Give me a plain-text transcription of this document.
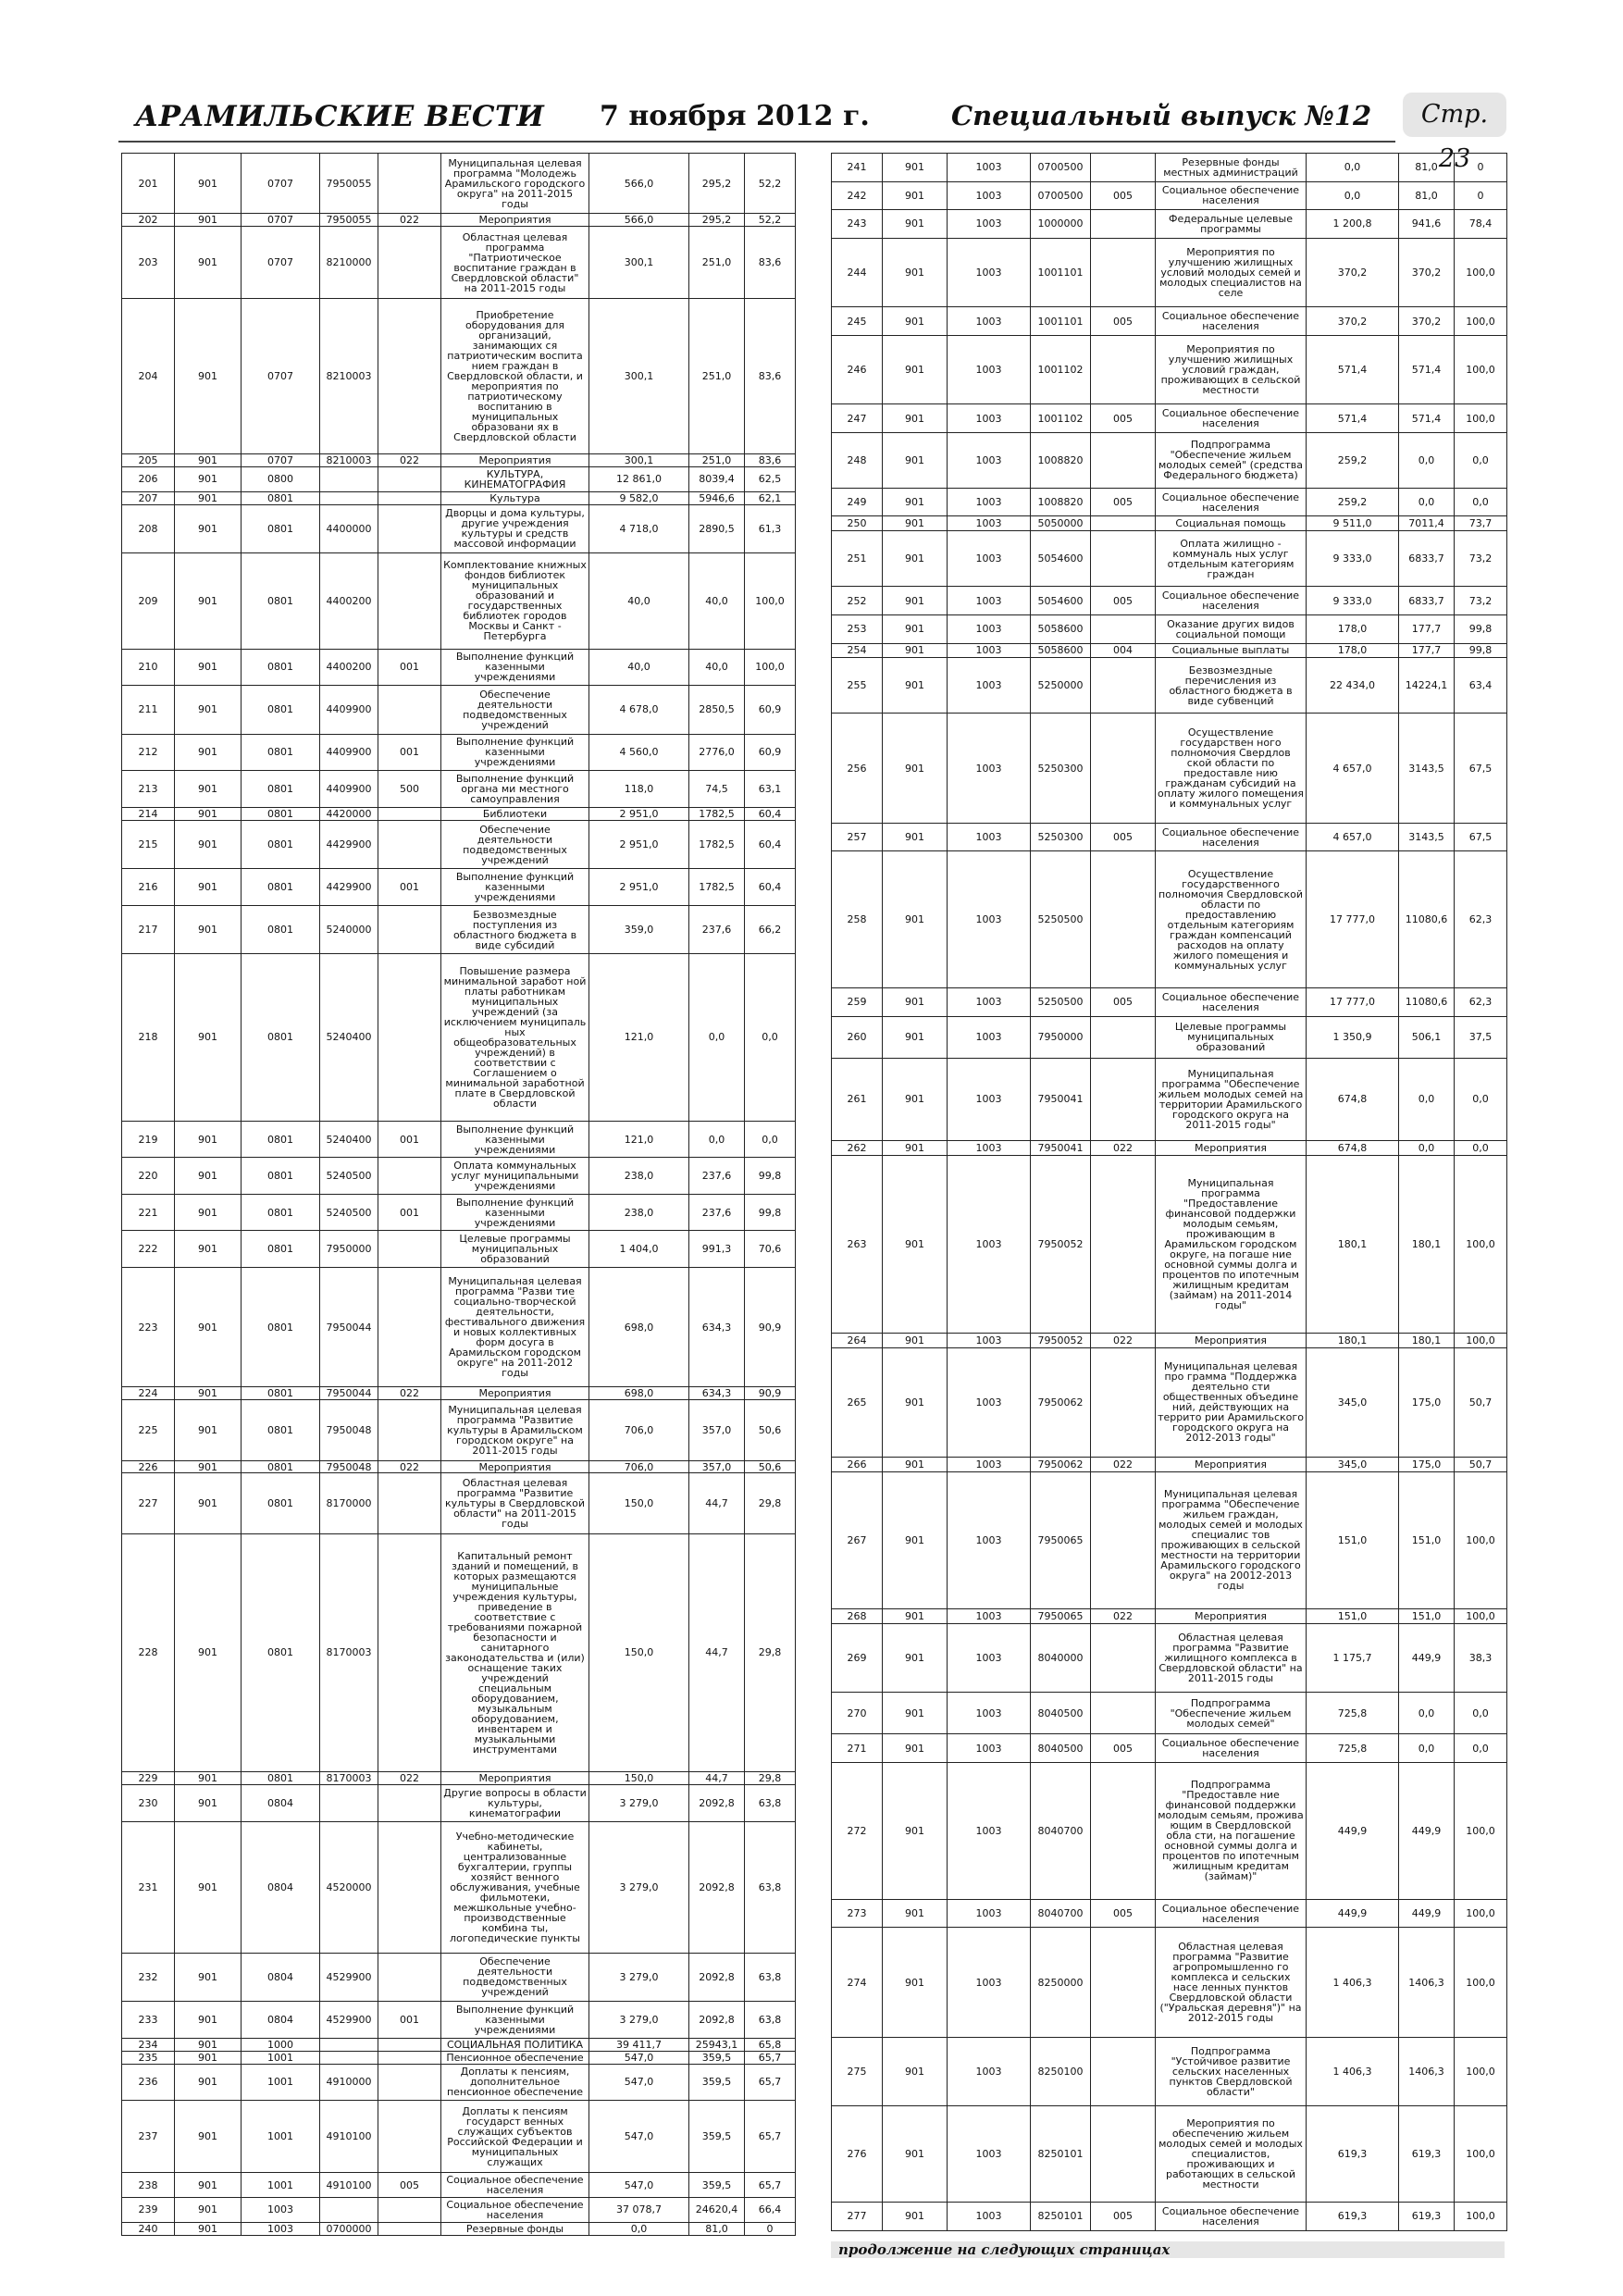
АРАМИЛЬСКИЕ ВЕСТИ 7 ноября 2012 г.	Специальный выпуск №12	Стр. 23
201	901	0707	7950055		Муниципальная целевая программа "Молодежь Арамильского городского округа" на 2011-2015 годы	566,0	295,2	52,2
202	901	0707	7950055	022	Мероприятия	566,0	295,2	52,2
203	901	0707	8210000		Областная целевая программа "Патриотическое воспитание граждан в Свердловской области" на 2011-2015 годы	300,1	251,0	83,6
204	901	0707	8210003		Приобретение оборудования для организаций, занимающих ся патриотическим воспита нием граждан в Свердловской области, и мероприятия по патриотическому воспитанию в муниципальных образовани ях в Свердловской области	300,1	251,0	83,6
205	901	0707	8210003	022	Мероприятия	300,1	251,0	83,6
206	901	0800			КУЛЬТУРА, КИНЕМАТОГРАФИЯ	12 861,0	8039,4	62,5
207	901	0801			Культура	9 582,0	5946,6	62,1
208	901	0801	4400000		Дворцы и дома культуры, другие учреждения культуры и средств массовой информации	4 718,0	2890,5	61,3
209	901	0801	4400200		Комплектование книжных фондов библиотек муниципальных образований и государственных библиотек городов Москвы и Санкт - Петербурга	40,0	40,0	100,0
210	901	0801	4400200	001	Выполнение функций казенными учреждениями	40,0	40,0	100,0
211	901	0801	4409900		Обеспечение деятельности подведомственных учреждений	4 678,0	2850,5	60,9
212	901	0801	4409900	001	Выполнение функций казенными учреждениями	4 560,0	2776,0	60,9
213	901	0801	4409900	500	Выполнение функций органа ми местного самоуправления	118,0	74,5	63,1
214	901	0801	4420000		Библиотеки	2 951,0	1782,5	60,4
215	901	0801	4429900		Обеспечение деятельности подведомственных учреждений	2 951,0	1782,5	60,4
216	901	0801	4429900	001	Выполнение функций казенными учреждениями	2 951,0	1782,5	60,4
217	901	0801	5240000		Безвозмездные поступления из областного бюджета в виде субсидий	359,0	237,6	66,2
218	901	0801	5240400		Повышение размера минимальной заработ ной платы работникам муниципальных учреждений (за исключением муниципаль ных общеобразовательных учреждений) в соответствии с Соглашением о минимальной заработной плате в Свердловской области	121,0	0,0	0,0
219	901	0801	5240400	001	Выполнение функций казенными учреждениями	121,0	0,0	0,0
220	901	0801	5240500		Оплата коммунальных услуг муниципальными учреждениями	238,0	237,6	99,8
221	901	0801	5240500	001	Выполнение функций казенными учреждениями	238,0	237,6	99,8
222	901	0801	7950000		Целевые программы муниципальных образований	1 404,0	991,3	70,6
223	901	0801	7950044		Муниципальная целевая программа "Разви тие социально-творческой деятельности, фестивального движения и новых коллективных форм досуга в Арамильском городском округе" на 2011-2012 годы	698,0	634,3	90,9
224	901	0801	7950044	022	Мероприятия	698,0	634,3	90,9
225	901	0801	7950048		Муниципальная целевая программа "Развитие культуры в Арамильском городском округе" на 2011-2015 годы	706,0	357,0	50,6
226	901	0801	7950048	022	Мероприятия	706,0	357,0	50,6
227	901	0801	8170000		Областная целевая программа "Развитие культуры в Свердловской области" на 2011-2015 годы	150,0	44,7	29,8
228	901	0801	8170003		Капитальный ремонт зданий и помещений, в которых размещаются муниципальные учреждения культуры, приведение в соответствие с требованиями пожарной безопасности и санитарного законодательства и (или) оснащение таких учреждений специальным оборудованием, музыкальным оборудованием, инвентарем и музыкальными инструментами	150,0	44,7	29,8
229	901	0801	8170003	022	Мероприятия	150,0	44,7	29,8
230	901	0804			Другие вопросы в области культуры, кинематографии	3 279,0	2092,8	63,8
231	901	0804	4520000		Учебно-методические кабинеты, централизованные бухгалтерии, группы хозяйст венного обслуживания, учебные фильмотеки, межшкольные учебно-производственные комбина ты, логопедические пункты	3 279,0	2092,8	63,8
232	901	0804	4529900		Обеспечение деятельности подведомственных учреждений	3 279,0	2092,8	63,8
233	901	0804	4529900	001	Выполнение функций казенными учреждениями	3 279,0	2092,8	63,8
234	901	1000			СОЦИАЛЬНАЯ ПОЛИТИКА	39 411,7	25943,1	65,8
235	901	1001			Пенсионное обеспечение	547,0	359,5	65,7
236	901	1001	4910000		Доплаты к пенсиям, дополнительное пенсионное обеспечение	547,0	359,5	65,7
237	901	1001	4910100		Доплаты к пенсиям государст венных служащих субъектов Российской Федерации и муниципальных служащих	547,0	359,5	65,7
238	901	1001	4910100	005	Социальное обеспечение населения	547,0	359,5	65,7
239	901	1003			Социальное обеспечение населения	37 078,7	24620,4	66,4
240	901	1003	0700000		Резервные фонды	0,0	81,0	0
241	901	1003	0700500		Резервные фонды местных администраций	0,0	81,0	0
242	901	1003	0700500	005	Социальное обеспечение населения	0,0	81,0	0
243	901	1003	1000000		Федеральные целевые программы	1 200,8	941,6	78,4
244	901	1003	1001101		Мероприятия по улучшению жилищных условий молодых семей и молодых специалистов на селе	370,2	370,2	100,0
245	901	1003	1001101	005	Социальное обеспечение населения	370,2	370,2	100,0
246	901	1003	1001102		Мероприятия по улучшению жилищных условий граждан, проживающих в сельской местности	571,4	571,4	100,0
247	901	1003	1001102	005	Социальное обеспечение населения	571,4	571,4	100,0
248	901	1003	1008820		Подпрограмма "Обеспечение жильем молодых семей" (средства Федерального бюджета)	259,2	0,0	0,0
249	901	1003	1008820	005	Социальное обеспечение населения	259,2	0,0	0,0
250	901	1003	5050000		Социальная помощь	9 511,0	7011,4	73,7
251	901	1003	5054600		Оплата жилищно - коммуналь ных услуг отдельным категориям граждан	9 333,0	6833,7	73,2
252	901	1003	5054600	005	Социальное обеспечение населения	9 333,0	6833,7	73,2
253	901	1003	5058600		Оказание других видов социальной помощи	178,0	177,7	99,8
254	901	1003	5058600	004	Социальные выплаты	178,0	177,7	99,8
255	901	1003	5250000		Безвозмездные перечисления из областного бюджета в виде субвенций	22 434,0	14224,1	63,4
256	901	1003	5250300		Осуществление государствен ного полномочия Свердлов ской области по предоставле нию гражданам субсидий на оплату жилого помещения и коммунальных услуг	4 657,0	3143,5	67,5
257	901	1003	5250300	005	Социальное обеспечение населения	4 657,0	3143,5	67,5
258	901	1003	5250500		Осуществление государственного полномочия Свердловской области по предоставлению отдельным категориям граждан компенсаций расходов на оплату жилого помещения и коммунальных услуг	17 777,0	11080,6	62,3
259	901	1003	5250500	005	Социальное обеспечение населения	17 777,0	11080,6	62,3
260	901	1003	7950000		Целевые программы муниципальных образований	1 350,9	506,1	37,5
261	901	1003	7950041		Муниципальная программа "Обеспечение жильем молодых семей на территории Арамильского городского округа на 2011-2015 годы"	674,8	0,0	0,0
262	901	1003	7950041	022	Мероприятия	674,8	0,0	0,0
263	901	1003	7950052		Муниципальная программа "Предоставление финансовой поддержки молодым семьям, проживающим в Арамильском городском округе, на погаше ние основной суммы долга и процентов по ипотечным жилищным кредитам (займам) на 2011-2014 годы"	180,1	180,1	100,0
264	901	1003	7950052	022	Мероприятия	180,1	180,1	100,0
265	901	1003	7950062		Муниципальная целевая про грамма "Поддержка деятельно сти общественных объедине ний, действующих на террито рии Арамильского городского округа на 2012-2013 годы"	345,0	175,0	50,7
266	901	1003	7950062	022	Мероприятия	345,0	175,0	50,7
267	901	1003	7950065		Муниципальная целевая программа "Обеспечение жильем граждан, молодых семей и молодых специалис тов проживающих в сельской местности на территории Арамильского городского округа" на 20012-2013 годы	151,0	151,0	100,0
268	901	1003	7950065	022	Мероприятия	151,0	151,0	100,0
269	901	1003	8040000		Областная целевая программа "Развитие жилищного комплекса в Свердловской области" на 2011-2015 годы	1 175,7	449,9	38,3
270	901	1003	8040500		Подпрограмма "Обеспечение жильем молодых семей"	725,8	0,0	0,0
271	901	1003	8040500	005	Социальное обеспечение населения	725,8	0,0	0,0
272	901	1003	8040700		Подпрограмма "Предоставле ние финансовой поддержки молодым семьям, прожива ющим в Свердловской обла сти, на погашение основной суммы долга и процентов по ипотечным жилищным кредитам (займам)"	449,9	449,9	100,0
273	901	1003	8040700	005	Социальное обеспечение населения	449,9	449,9	100,0
274	901	1003	8250000		Областная целевая программа "Развитие агропромышленно го комплекса и сельских насе ленных пунктов Свердловской области ("Уральская деревня")" на 2012-2015 годы	1 406,3	1406,3	100,0
275	901	1003	8250100		Подпрограмма "Устойчивое развитие сельских населенных пунктов Свердловской области"	1 406,3	1406,3	100,0
276	901	1003	8250101		Мероприятия по обеспечению жильем молодых семей и молодых специалистов, проживающих и работающих в сельской местности	619,3	619,3	100,0
277	901	1003	8250101	005	Социальное обеспечение населения	619,3	619,3	100,0
продолжение на следующих страницах
